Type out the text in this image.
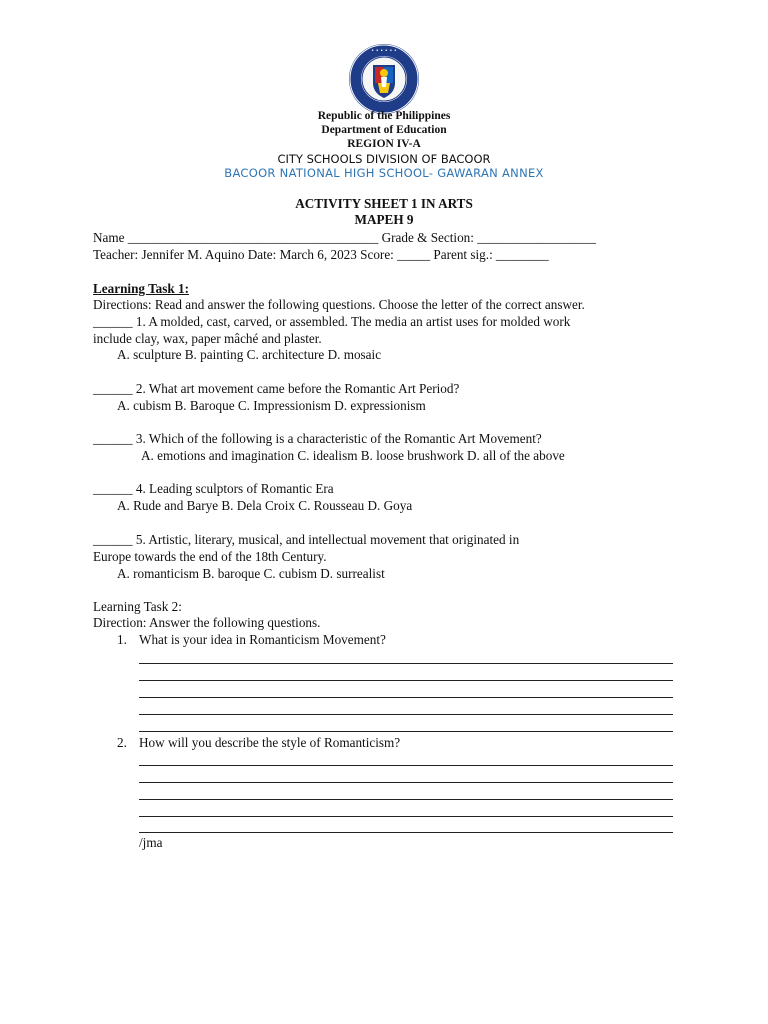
• • • • • •
Republic of the Philippines
Department of Education
REGION IV-A
CITY SCHOOLS DIVISION OF BACOOR
BACOOR NATIONAL HIGH SCHOOL- GAWARAN ANNEX
ACTIVITY SHEET 1 IN ARTS
MAPEH 9
Name ______________________________________ Grade & Section: __________________
Teacher: Jennifer M. Aquino Date: March 6, 2023 Score: _____ Parent sig.: ________
Learning Task 1:
Directions: Read and answer the following questions. Choose the letter of the correct answer.
______ 1. A molded, cast, carved, or assembled. The media an artist uses for molded work
include clay, wax, paper mâché and plaster.
A. sculpture B. painting C. architecture D. mosaic
______ 2. What art movement came before the Romantic Art Period?
A. cubism B. Baroque C. Impressionism D. expressionism
______ 3. Which of the following is a characteristic of the Romantic Art Movement?
A. emotions and imagination C. idealism B. loose brushwork D. all of the above
______ 4. Leading sculptors of Romantic Era
A. Rude and Barye B. Dela Croix C. Rousseau D. Goya
______ 5. Artistic, literary, musical, and intellectual movement that originated in
Europe towards the end of the 18th Century.
A. romanticism B. baroque C. cubism D. surrealist
Learning Task 2:
Direction: Answer the following questions.
1. What is your idea in Romanticism Movement?
2. How will you describe the style of Romanticism?
/jma
